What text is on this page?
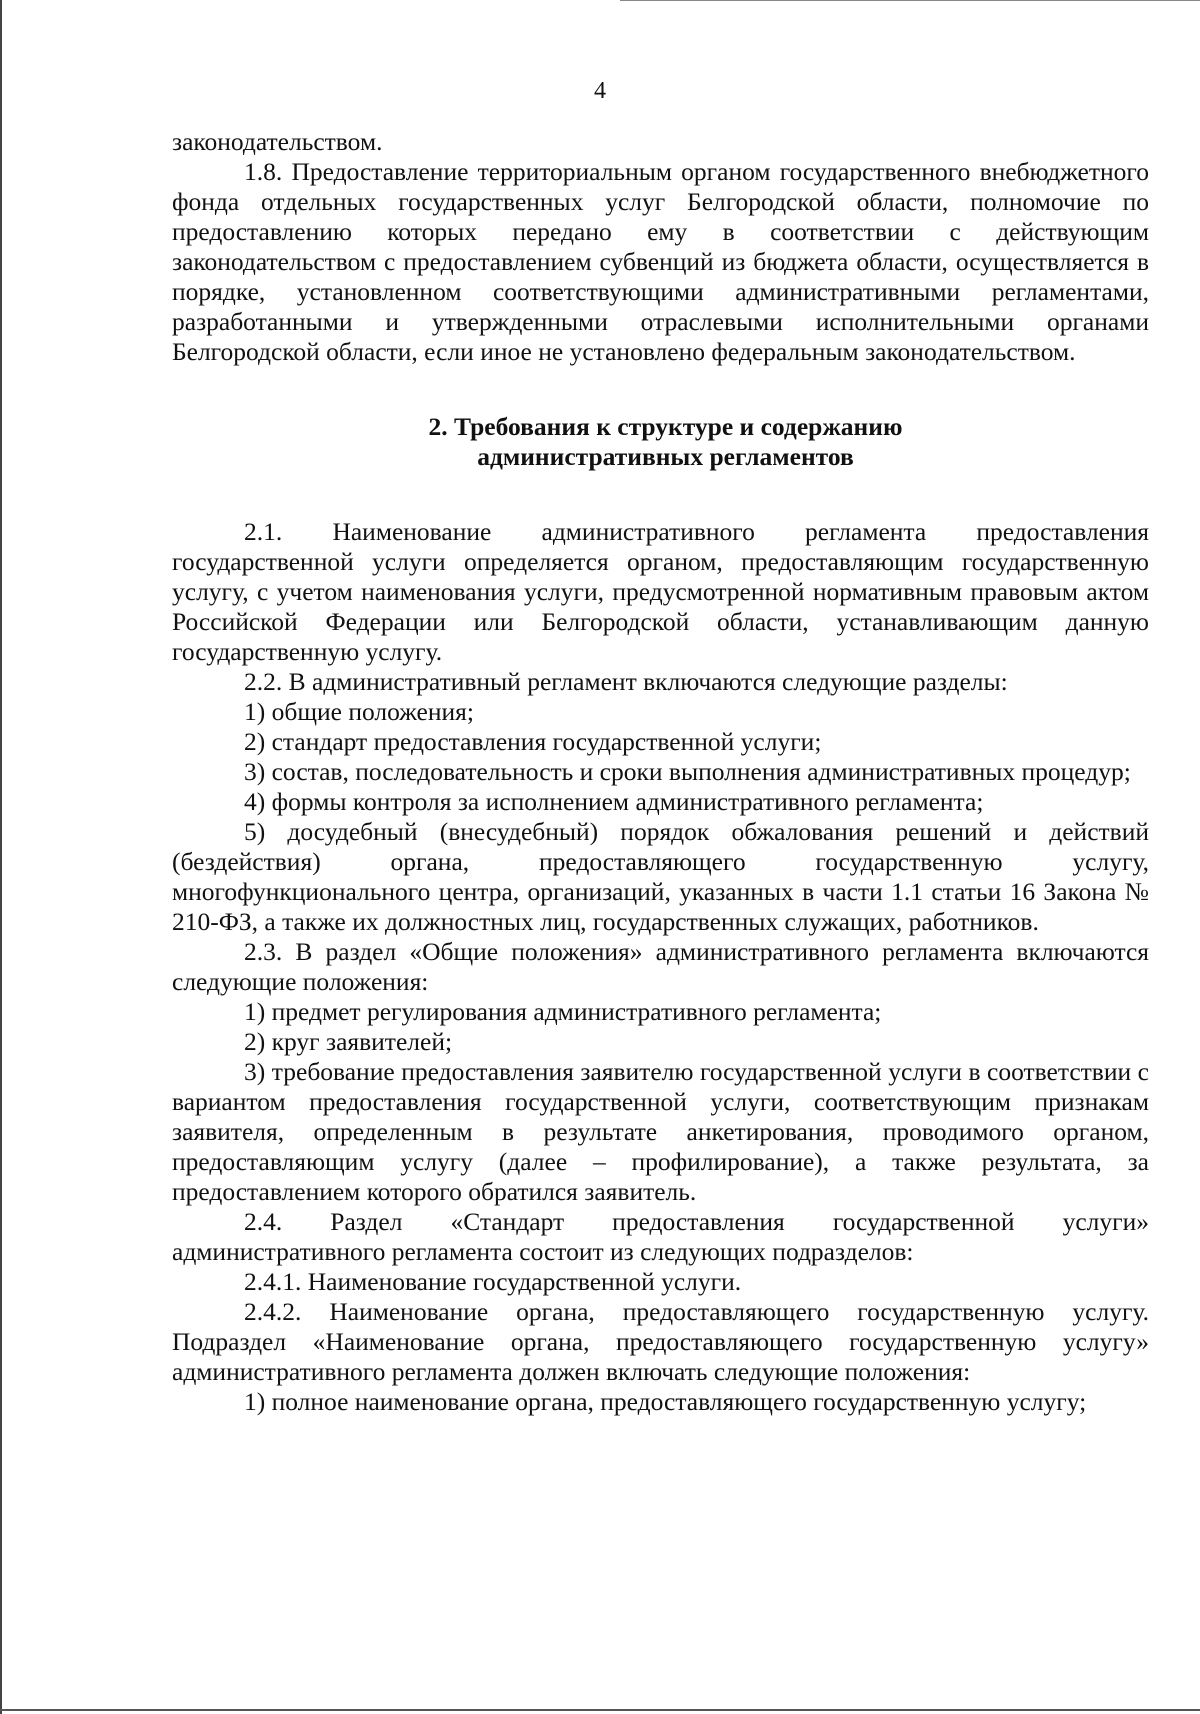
4

законодательством.

1.8. Предоставление территориальным органом государственного внебюджетного фонда отдельных государственных услуг Белгородской области, полномочие по предоставлению которых передано ему в соответствии с действующим законодательством с предоставлением субвенций из бюджета области, осуществляется в порядке, установленном соответствующими административными регламентами, разработанными и утвержденными отраслевыми исполнительными органами Белгородской области, если иное не установлено федеральным законодательством.

2. Требования к структуре и содержанию
административных регламентов

2.1. Наименование административного регламента предоставления государственной услуги определяется органом, предоставляющим государственную услугу, с учетом наименования услуги, предусмотренной нормативным правовым актом Российской Федерации или Белгородской области, устанавливающим данную государственную услугу.

2.2. В административный регламент включаются следующие разделы:

1) общие положения;

2) стандарт предоставления государственной услуги;

3) состав, последовательность и сроки выполнения административных процедур;

4) формы контроля за исполнением административного регламента;

5) досудебный (внесудебный) порядок обжалования решений и действий (бездействия) органа, предоставляющего государственную услугу, многофункционального центра, организаций, указанных в части 1.1 статьи 16 Закона № 210-ФЗ, а также их должностных лиц, государственных служащих, работников.

2.3. В раздел «Общие положения» административного регламента включаются следующие положения:

1) предмет регулирования административного регламента;

2) круг заявителей;

3) требование предоставления заявителю государственной услуги в соответствии с вариантом предоставления государственной услуги, соответствующим признакам заявителя, определенным в результате анкетирования, проводимого органом, предоставляющим услугу (далее – профилирование), а также результата, за предоставлением которого обратился заявитель.

2.4. Раздел «Стандарт предоставления государственной услуги» административного регламента состоит из следующих подразделов:

2.4.1. Наименование государственной услуги.

2.4.2. Наименование органа, предоставляющего государственную услугу. Подраздел «Наименование органа, предоставляющего государственную услугу» административного регламента должен включать следующие положения:

1) полное наименование органа, предоставляющего государственную услугу;
